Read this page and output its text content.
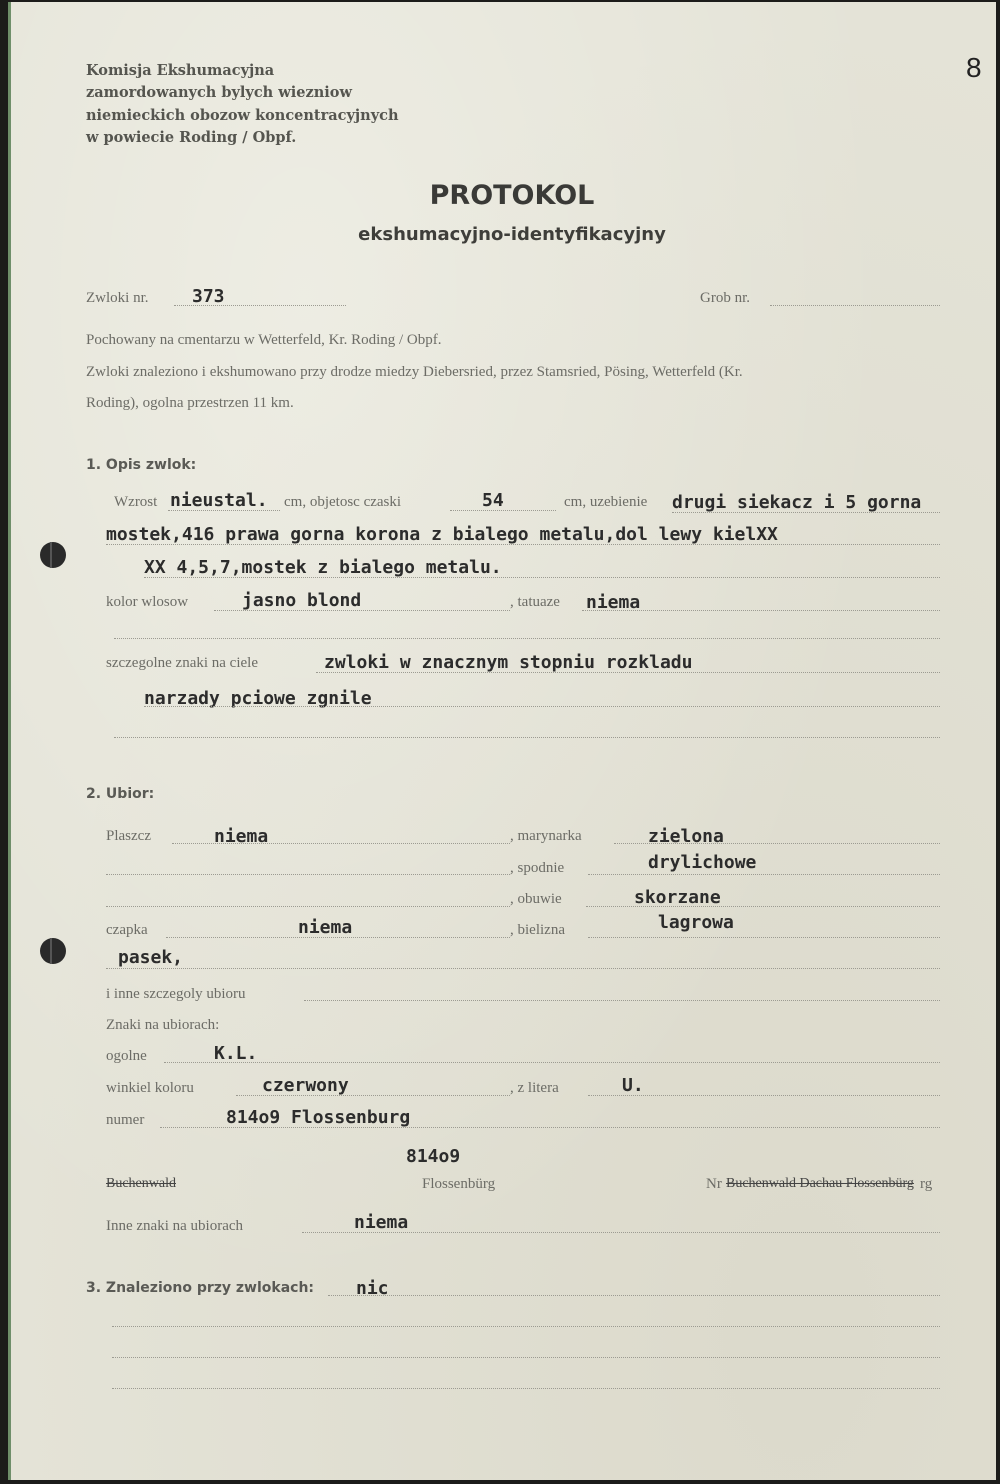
8
Komisja Ekshumacyjna
zamordowanych bylych wiezniow
niemieckich obozow koncentracyjnych
w powiecie Roding / Obpf.
PROTOKOL
ekshumacyjno-identyfikacyjny
Zwloki nr. 373	Grob nr.
Pochowany na cmentarzu w Wetterfeld, Kr. Roding / Obpf.
Zwloki znaleziono i ekshumowano przy drodze miedzy Diebersried, przez Stamsried, Pösing, Wetterfeld (Kr.
Roding), ogolna przestrzen 11 km.
1. Opis zwlok:
Wzrost nieustal. cm, objetosc czaski	54	cm, uzebienie drugi siekacz i 5 gorna
mostek,416 prawa gorna korona z bialego metalu,dol lewy kielXX
XX 4,5,7,mostek z bialego metalu.
kolor wlosow	jasno blond	, tatuaze niema
szczegolne znaki na ciele	zwloki w znacznym stopniu rozkladu
narzady pciowe zgnile
2. Ubior:
Plaszcz	niema	, marynarka	zielona
, spodnie	drylichowe
, obuwie	skorzane
czapka	niema	, bielizna	lagrowa
pasek,
i inne szczegoly ubioru
Znaki na ubiorach:
ogolne	K.L.
winkiel koloru	czerwony	, z litera	U.
numer	814o9 Flossenburg
814o9
Buchenwald	Flossenbürg	Nr Buchenwald Dachau Flossenbürg rg
Inne znaki na ubiorach	niema
3. Znaleziono przy zwlokach: nic
